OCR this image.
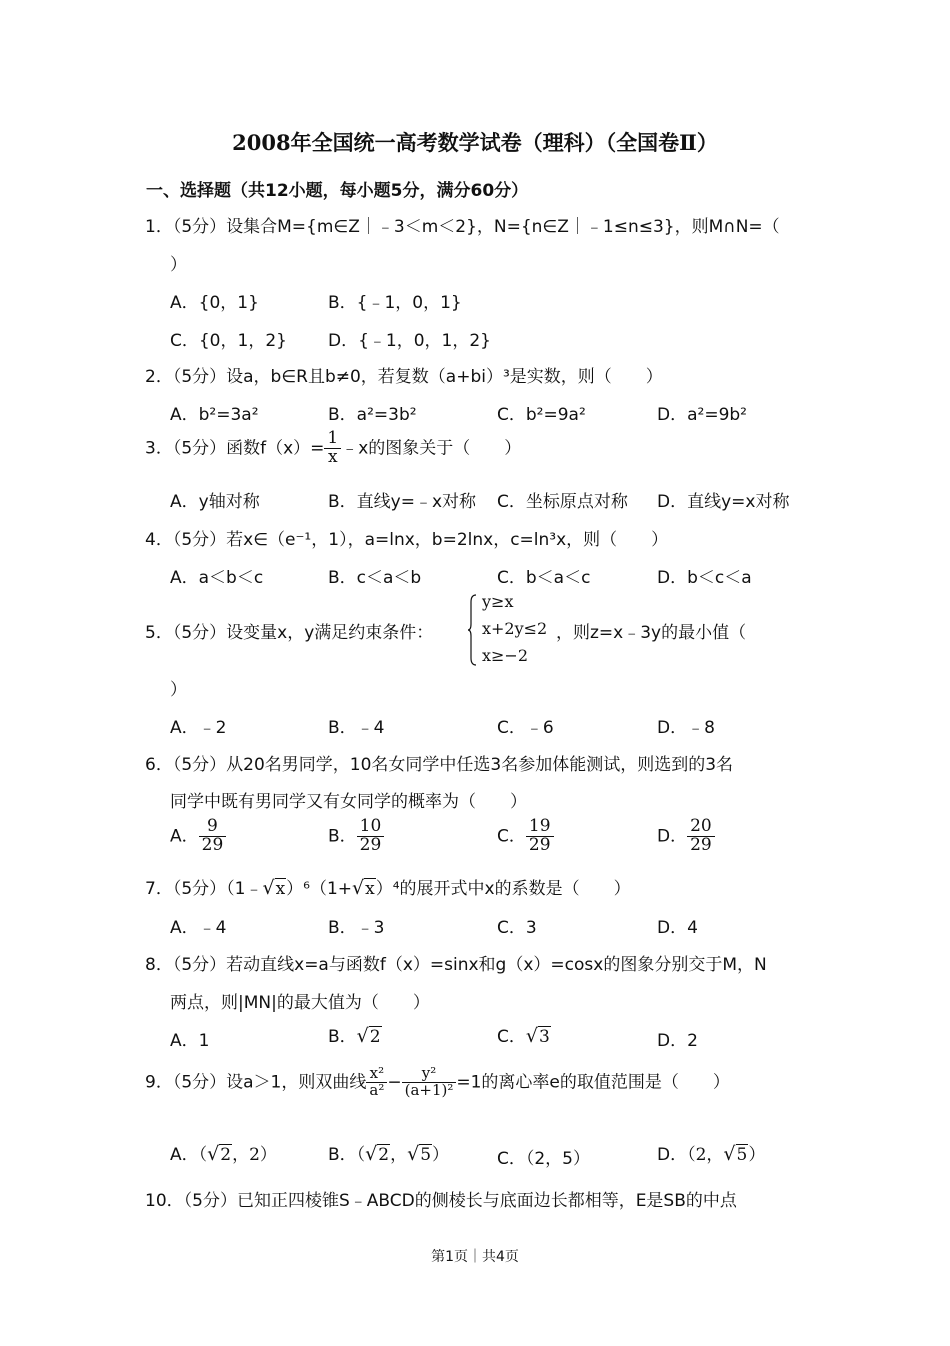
2008年全国统一高考数学试卷（理科）（全国卷Ⅱ）
一、选择题（共12小题，每小题5分，满分60分）
1．（5分）设集合M={m∈Z｜﹣3＜m＜2}，N={n∈Z｜﹣1≤n≤3}，则M∩N=（
）
A．{0，1}	B．{﹣1，0，1}
C．{0，1，2} D．{﹣1，0，1，2}
2．（5分）设a，b∈R且b≠0，若复数（a+bi）³是实数，则（　　）
A．b²=3a²	B．a²=3b²	C．b²=9a²	D．a²=9b²
3．（5分）函数$f(x)= \frac{1}{x}$ ﹣x的图象关于（　　）
A．y轴对称	B．直线y=﹣x对称 C．坐标原点对称 D．直线y=x对称
4．（5分）若x∈（e⁻¹，1），a=lnx，b=2lnx，c=ln³x，则（　　）
A．a＜b＜c	B．c＜a＜b	C．b＜a＜c	D．b＜c＜a
5．（5分）设变量x，y满足约束条件：
y≥x
x+2y≤2
x≥−2
，则z=x﹣3y的最小值（
）
A．﹣2	B．﹣4	C．﹣6	D．﹣8
6．（5分）从20名男同学，10名女同学中任选3名参加体能测试，则选到的3名
同学中既有男同学又有女同学的概率为（　　）
A． $\frac{9}{29}$	B． $\frac{10}{29}$	C． $\frac{19}{29}$	D． $\frac{20}{29}$
7．（5分）（1﹣√x）⁶（1+√x）⁴的展开式中x的系数是（　　）
A．﹣4	B．﹣3	C．3	D．4
8．（5分）若动直线x=a与函数f（x）=sinx和g（x）=cosx的图象分别交于M，N
两点，则|MN|的最大值为（　　）
A．1	B．√2	C．√3	D．2
9．（5分）设a＞1，则双曲线 $\frac{\text{x²}}{\text{a²}} - \frac{\text{y²}}{\text{(a+1)²}} =1$的离心率e的取值范围是（　　）
A．（√2，2）	B．（√2，√5）	C．（2，5）	D．（2，√5）
10．（5分）已知正四棱锥S﹣ABCD的侧棱长与底面边长都相等，E是SB的中点
第1页｜共4页
